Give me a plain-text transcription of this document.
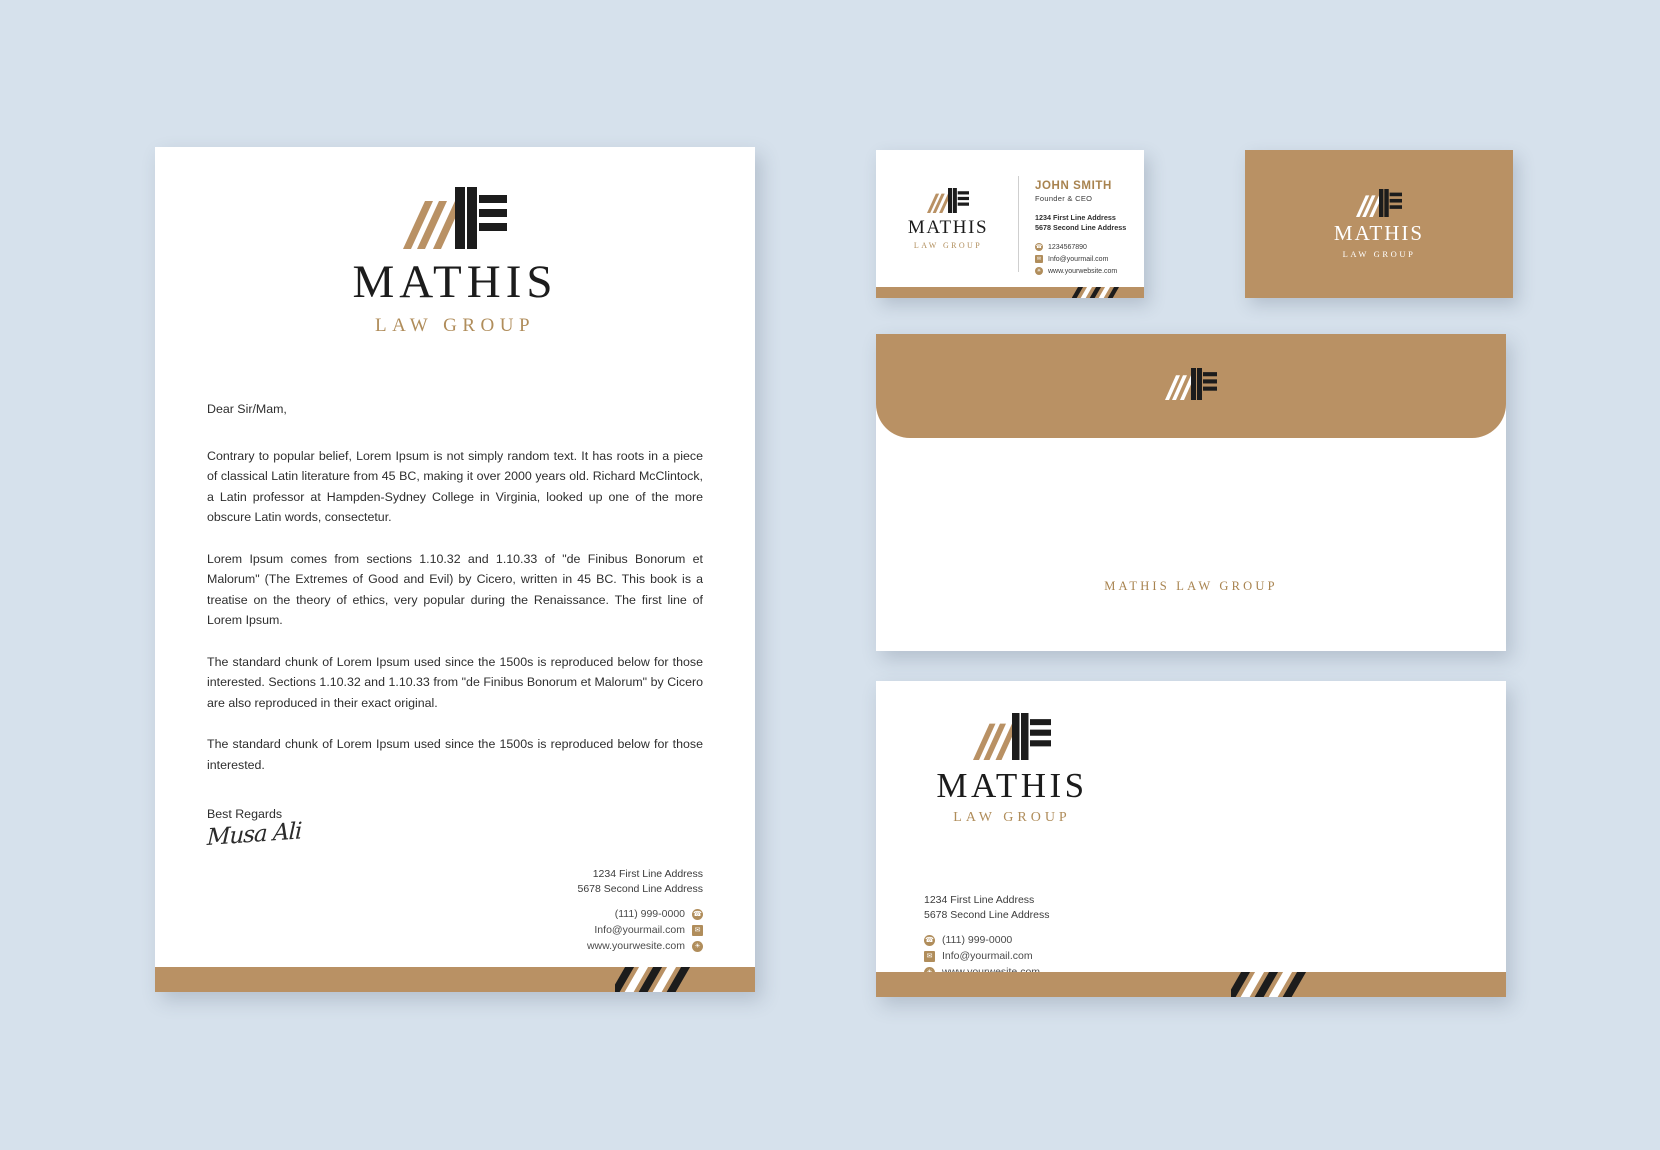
MATHIS
LAW GROUP

Dear Sir/Mam,

Contrary to popular belief, Lorem Ipsum is not simply random text. It has roots in a piece of classical Latin literature from 45 BC, making it over 2000 years old. Richard McClintock, a Latin professor at Hampden-Sydney College in Virginia, looked up one of the more obscure Latin words, consectetur.

Lorem Ipsum comes from sections 1.10.32 and 1.10.33 of "de Finibus Bonorum et Malorum" (The Extremes of Good and Evil) by Cicero, written in 45 BC. This book is a treatise on the theory of ethics, very popular during the Renaissance. The first line of Lorem Ipsum.

The standard chunk of Lorem Ipsum used since the 1500s is reproduced below for those interested. Sections 1.10.32 and 1.10.33 from "de Finibus Bonorum et Malorum" by Cicero are also reproduced in their exact original.

The standard chunk of Lorem Ipsum used since the 1500s is reproduced below for those interested.

Best Regards
Musa Ali
1234 First Line Address
5678 Second Line Address
(111) 999-0000 ☎
Info@yourmail.com	✉
www.yourwesite.com	☀
MATHIS
LAW GROUP
JOHN SMITH
Founder & CEO
1234 First Line Address
5678 Second Line Address
☎ 1234567890
✉ Info@yourmail.com
☀ www.yourwebsite.com
MATHIS
LAW GROUP
MATHIS LAW GROUP
MATHIS
LAW GROUP
1234 First Line Address
5678 Second Line Address
☎ (111) 999-0000
✉ Info@yourmail.com
